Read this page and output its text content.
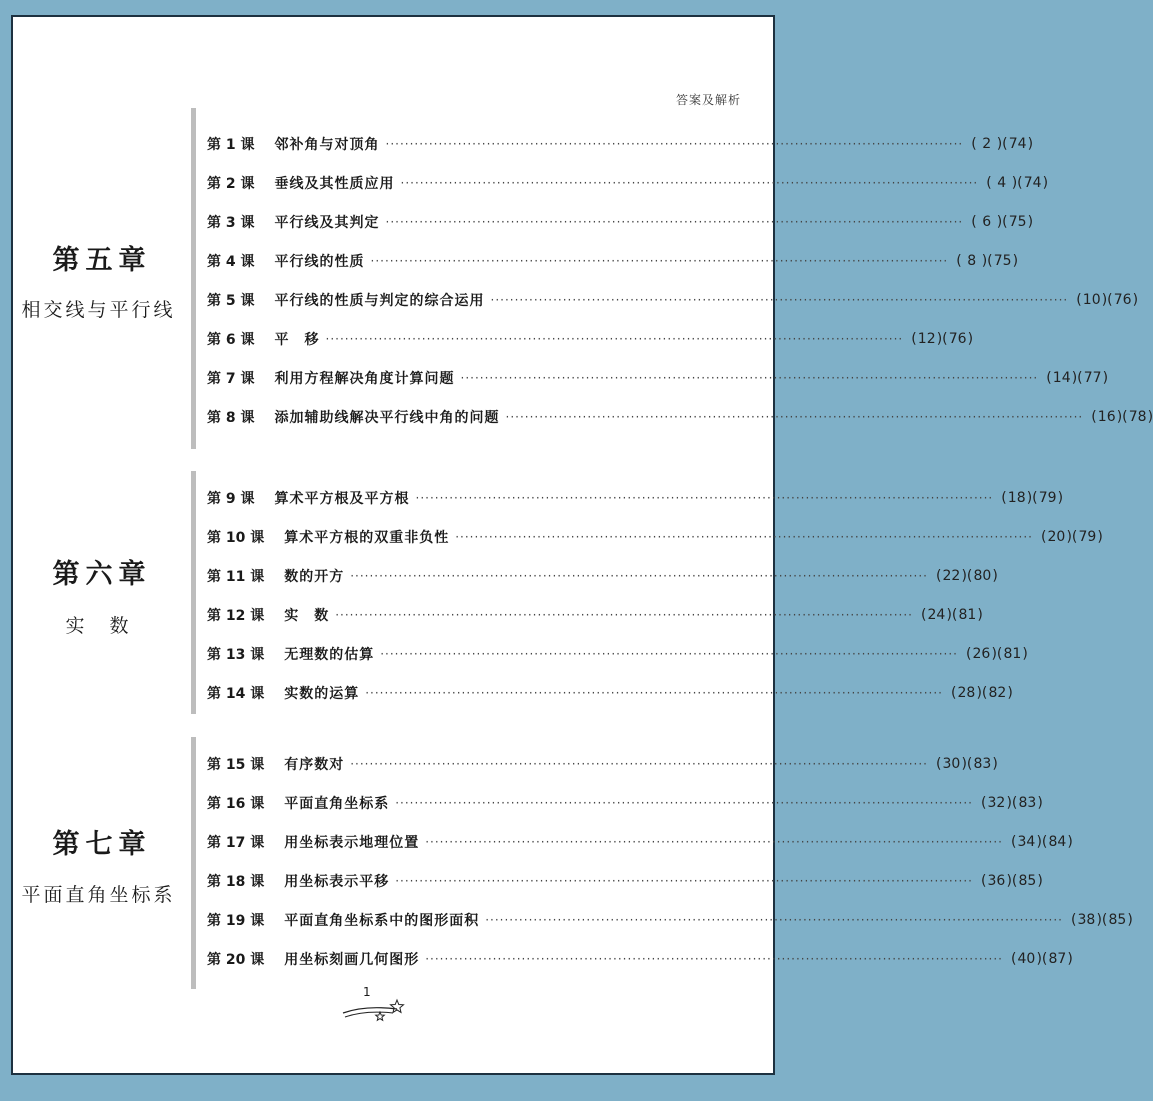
答案及解析
第五章
相交线与平行线
第 1 课 邻补角与对顶角 ························································································································ ( 2 )( 74 )
第 2 课 垂线及其性质应用 ························································································································ ( 4 )( 74 )
第 3 课 平行线及其判定 ························································································································ ( 6 )( 75 )
第 4 课 平行线的性质 ························································································································ ( 8 )( 75 )
第 5 课 平行线的性质与判定的综合运用 ························································································································ ( 10 )( 76 )
第 6 课 平　移 ························································································································ ( 12 )( 76 )
第 7 课 利用方程解决角度计算问题 ························································································································ ( 14 )( 77 )
第 8 课 添加辅助线解决平行线中角的问题 ························································································································ ( 16 )( 78 )
第六章
实　数
第 9 课 算术平方根及平方根 ························································································································ ( 18 )( 79 )
第 10 课 算术平方根的双重非负性 ························································································································ ( 20 )( 79 )
第 11 课 数的开方 ························································································································ ( 22 )( 80 )
第 12 课 实　数 ························································································································ ( 24 )( 81 )
第 13 课 无理数的估算 ························································································································ ( 26 )( 81 )
第 14 课 实数的运算 ························································································································ ( 28 )( 82 )
第七章
平面直角坐标系
第 15 课 有序数对 ························································································································ ( 30 )( 83 )
第 16 课 平面直角坐标系 ························································································································ ( 32 )( 83 )
第 17 课 用坐标表示地理位置 ························································································································ ( 34 )( 84 )
第 18 课 用坐标表示平移 ························································································································ ( 36 )( 85 )
第 19 课 平面直角坐标系中的图形面积 ························································································································ ( 38 )( 85 )
第 20 课 用坐标刻画几何图形 ························································································································ ( 40 )( 87 )
1
